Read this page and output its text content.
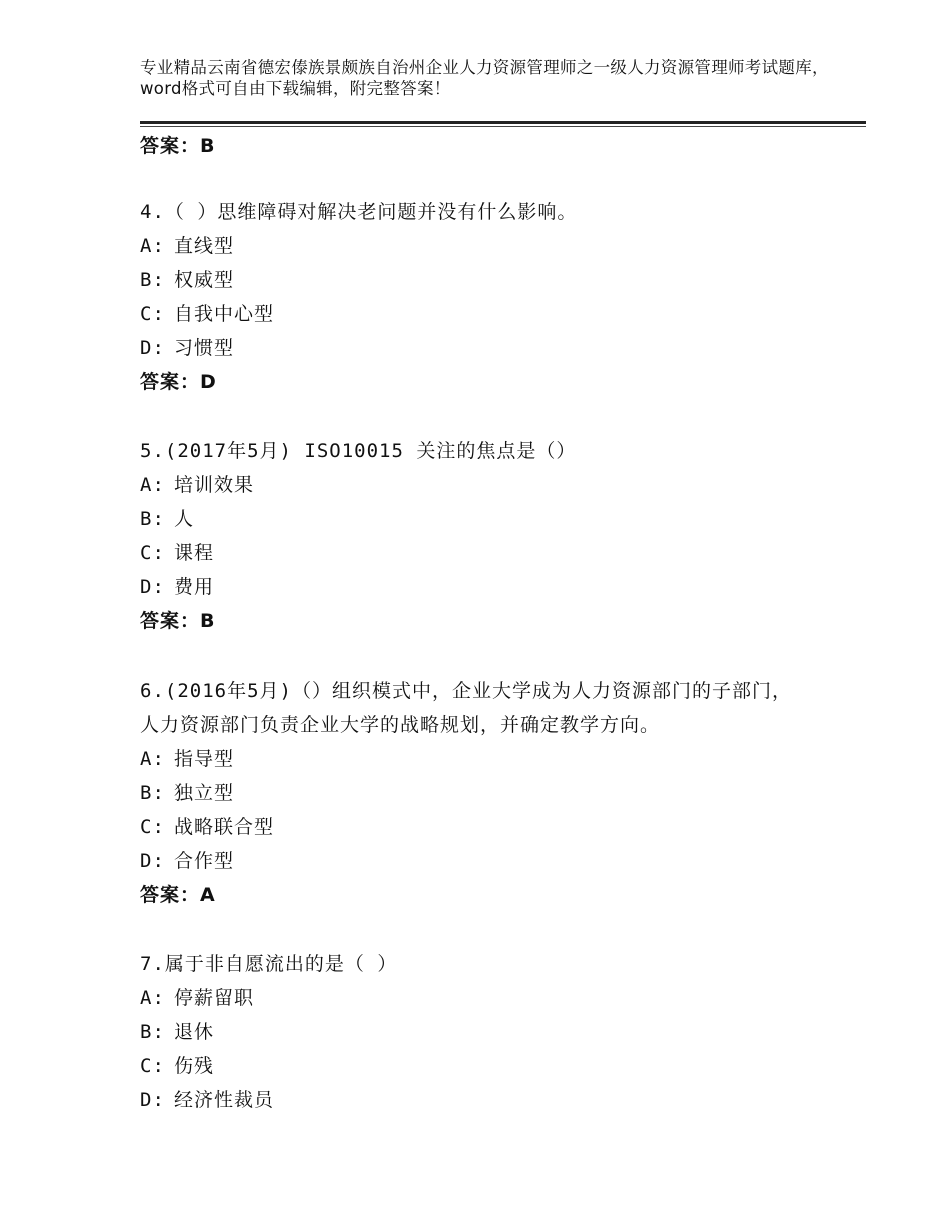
专业精品云南省德宏傣族景颇族自治州企业人力资源管理师之一级人力资源管理师考试题库，word格式可自由下载编辑，附完整答案！
答案：B
4.（ ）思维障碍对解决老问题并没有什么影响。
A: 直线型
B: 权威型
C: 自我中心型
D: 习惯型
答案：D
5.(2017年5月) ISO10015 关注的焦点是（）
A: 培训效果
B: 人
C: 课程
D: 费用
答案：B
6.(2016年5月)（）组织模式中，企业大学成为人力资源部门的子部门，人力资源部门负责企业大学的战略规划，并确定教学方向。
A: 指导型
B: 独立型
C: 战略联合型
D: 合作型
答案：A
7.属于非自愿流出的是（ ）
A: 停薪留职
B: 退休
C: 伤残
D: 经济性裁员
